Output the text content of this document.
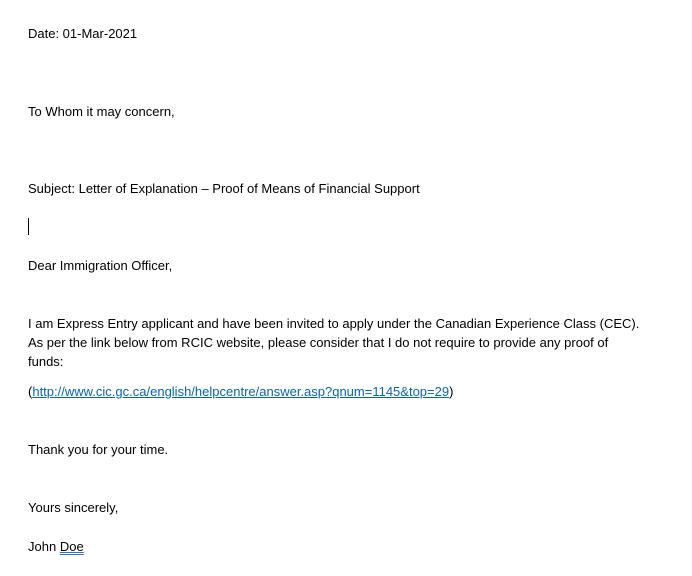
Date: 01-Mar-2021
To Whom it may concern,
Subject: Letter of Explanation – Proof of Means of Financial Support
Dear Immigration Officer,
I am Express Entry applicant and have been invited to apply under the Canadian Experience Class (CEC).
As per the link below from RCIC website, please consider that I do not require to provide any proof of
funds:
(http://www.cic.gc.ca/english/helpcentre/answer.asp?qnum=1145&top=29)
Thank you for your time.
Yours sincerely,
John Doe
